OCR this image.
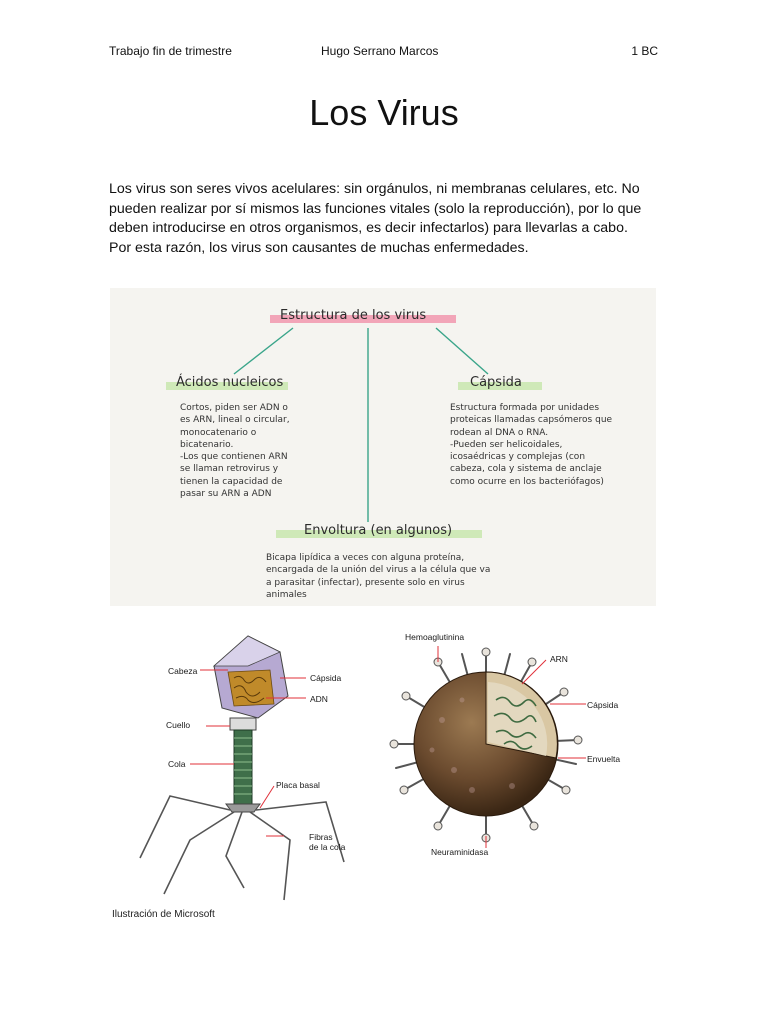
Trabajo fin de trimestre	Hugo Serrano Marcos	1 BC
Los Virus
Los virus son seres vivos acelulares: sin orgánulos, ni membranas celulares, etc. No pueden realizar por sí mismos las funciones vitales (solo la reproducción), por lo que deben introducirse en otros organismos, es decir infectarlos) para llevarlas a cabo. Por esta razón, los virus son causantes de muchas enfermedades.
Estructura de los virus
Ácidos nucleicos
Cortos, piden ser ADN o
es ARN, lineal o circular,
monocatenario o
bicatenario.
-Los que contienen ARN
se llaman retrovirus y
tienen la capacidad de
pasar su ARN a ADN
Cápsida
Estructura formada por unidades
proteicas llamadas capsómeros que
rodean al DNA o RNA.
-Pueden ser helicoidales,
icosaédricas y complejas (con
cabeza, cola y sistema de anclaje
como ocurre en los bacteriófagos)
Envoltura (en algunos)
Bicapa lipídica a veces con alguna proteína,
encargada de la unión del virus a la célula que va
a parasitar (infectar), presente solo en virus
animales
Cabeza
Cápsida
ADN
Cuello
Cola
Placa basal
Fibras
de la cola
Hemoaglutinina
ARN
Cápsida
Envuelta
Neuraminidasa
Ilustración de Microsoft
